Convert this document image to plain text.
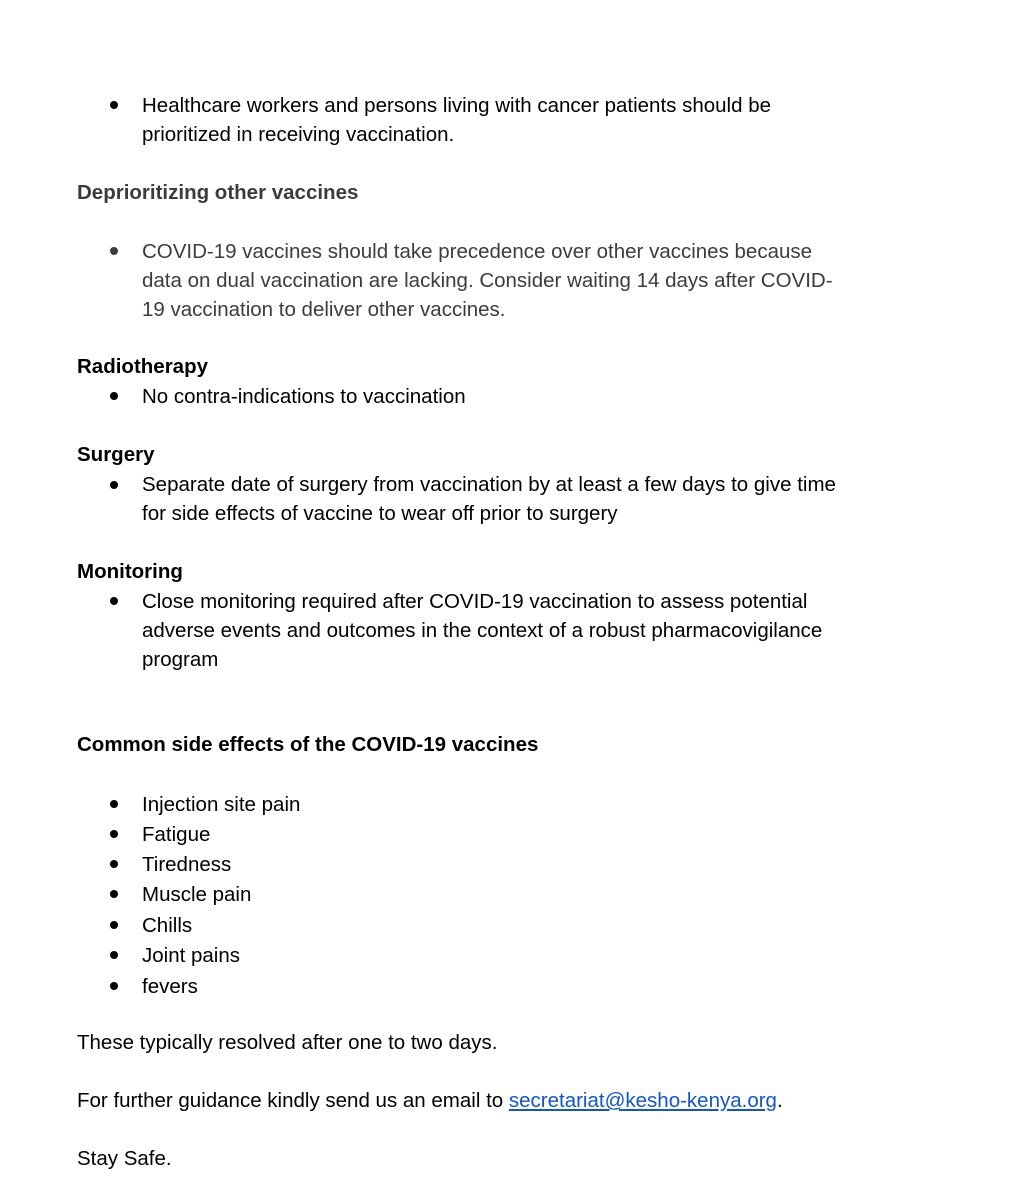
Healthcare workers and persons living with cancer patients should be
prioritized in receiving vaccination.
Deprioritizing other vaccines
COVID-19 vaccines should take precedence over other vaccines because
data on dual vaccination are lacking. Consider waiting 14 days after COVID-
19 vaccination to deliver other vaccines.
Radiotherapy
No contra-indications to vaccination
Surgery
Separate date of surgery from vaccination by at least a few days to give time
for side effects of vaccine to wear off prior to surgery
Monitoring
Close monitoring required after COVID-19 vaccination to assess potential
adverse events and outcomes in the context of a robust pharmacovigilance
program
Common side effects of the COVID-19 vaccines
Injection site pain
Fatigue
Tiredness
Muscle pain
Chills
Joint pains
fevers
These typically resolved after one to two days.
For further guidance kindly send us an email to secretariat@kesho-kenya.org.
Stay Safe.
